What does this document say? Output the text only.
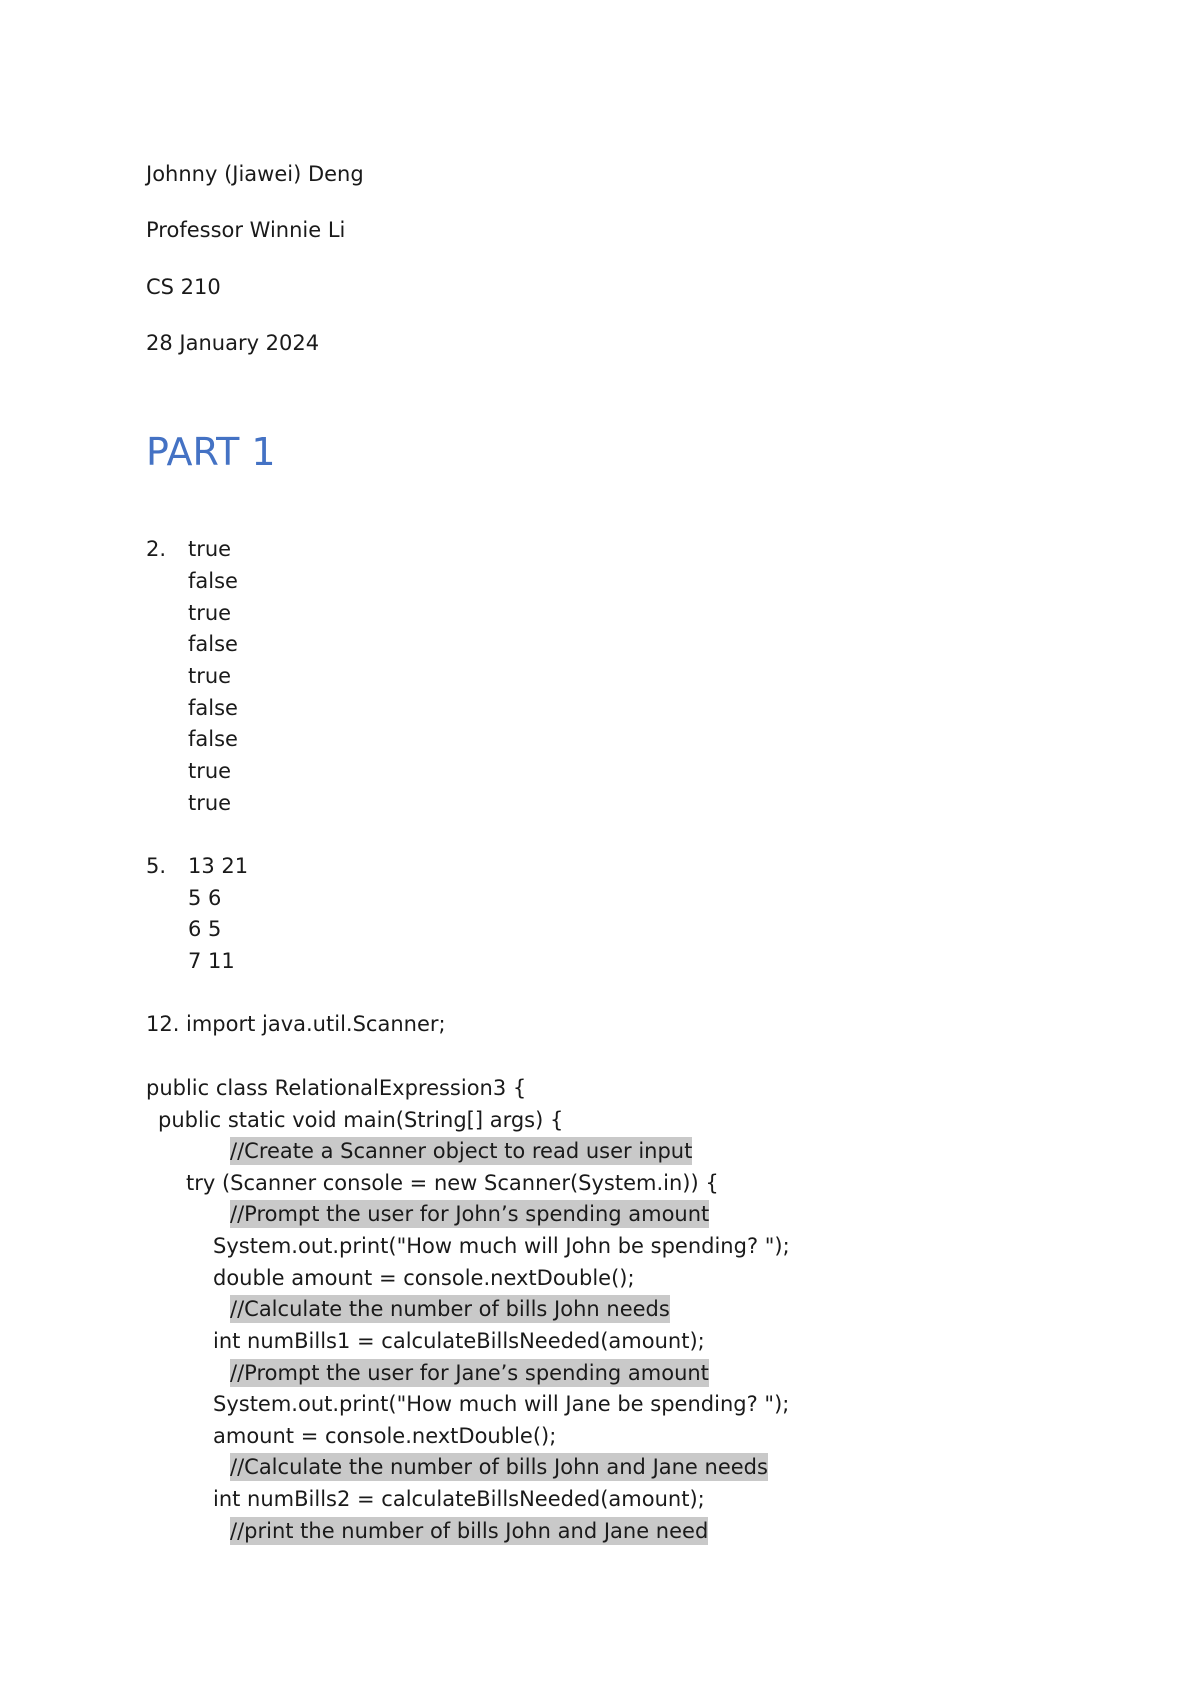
Johnny (Jiawei) Deng
Professor Winnie Li
CS 210
28 January 2024
PART 1
2. true
false
true
false
true
false
false
true
true
5. 13 21
5 6
6 5
7 11
12. import java.util.Scanner;
public class RelationalExpression3 {
public static void main(String[] args) {
//Create a Scanner object to read user input
try (Scanner console = new Scanner(System.in)) {
//Prompt the user for John’s spending amount
System.out.print("How much will John be spending? ");
double amount = console.nextDouble();
//Calculate the number of bills John needs
int numBills1 = calculateBillsNeeded(amount);
//Prompt the user for Jane’s spending amount
System.out.print("How much will Jane be spending? ");
amount = console.nextDouble();
//Calculate the number of bills John and Jane needs
int numBills2 = calculateBillsNeeded(amount);
//print the number of bills John and Jane need
